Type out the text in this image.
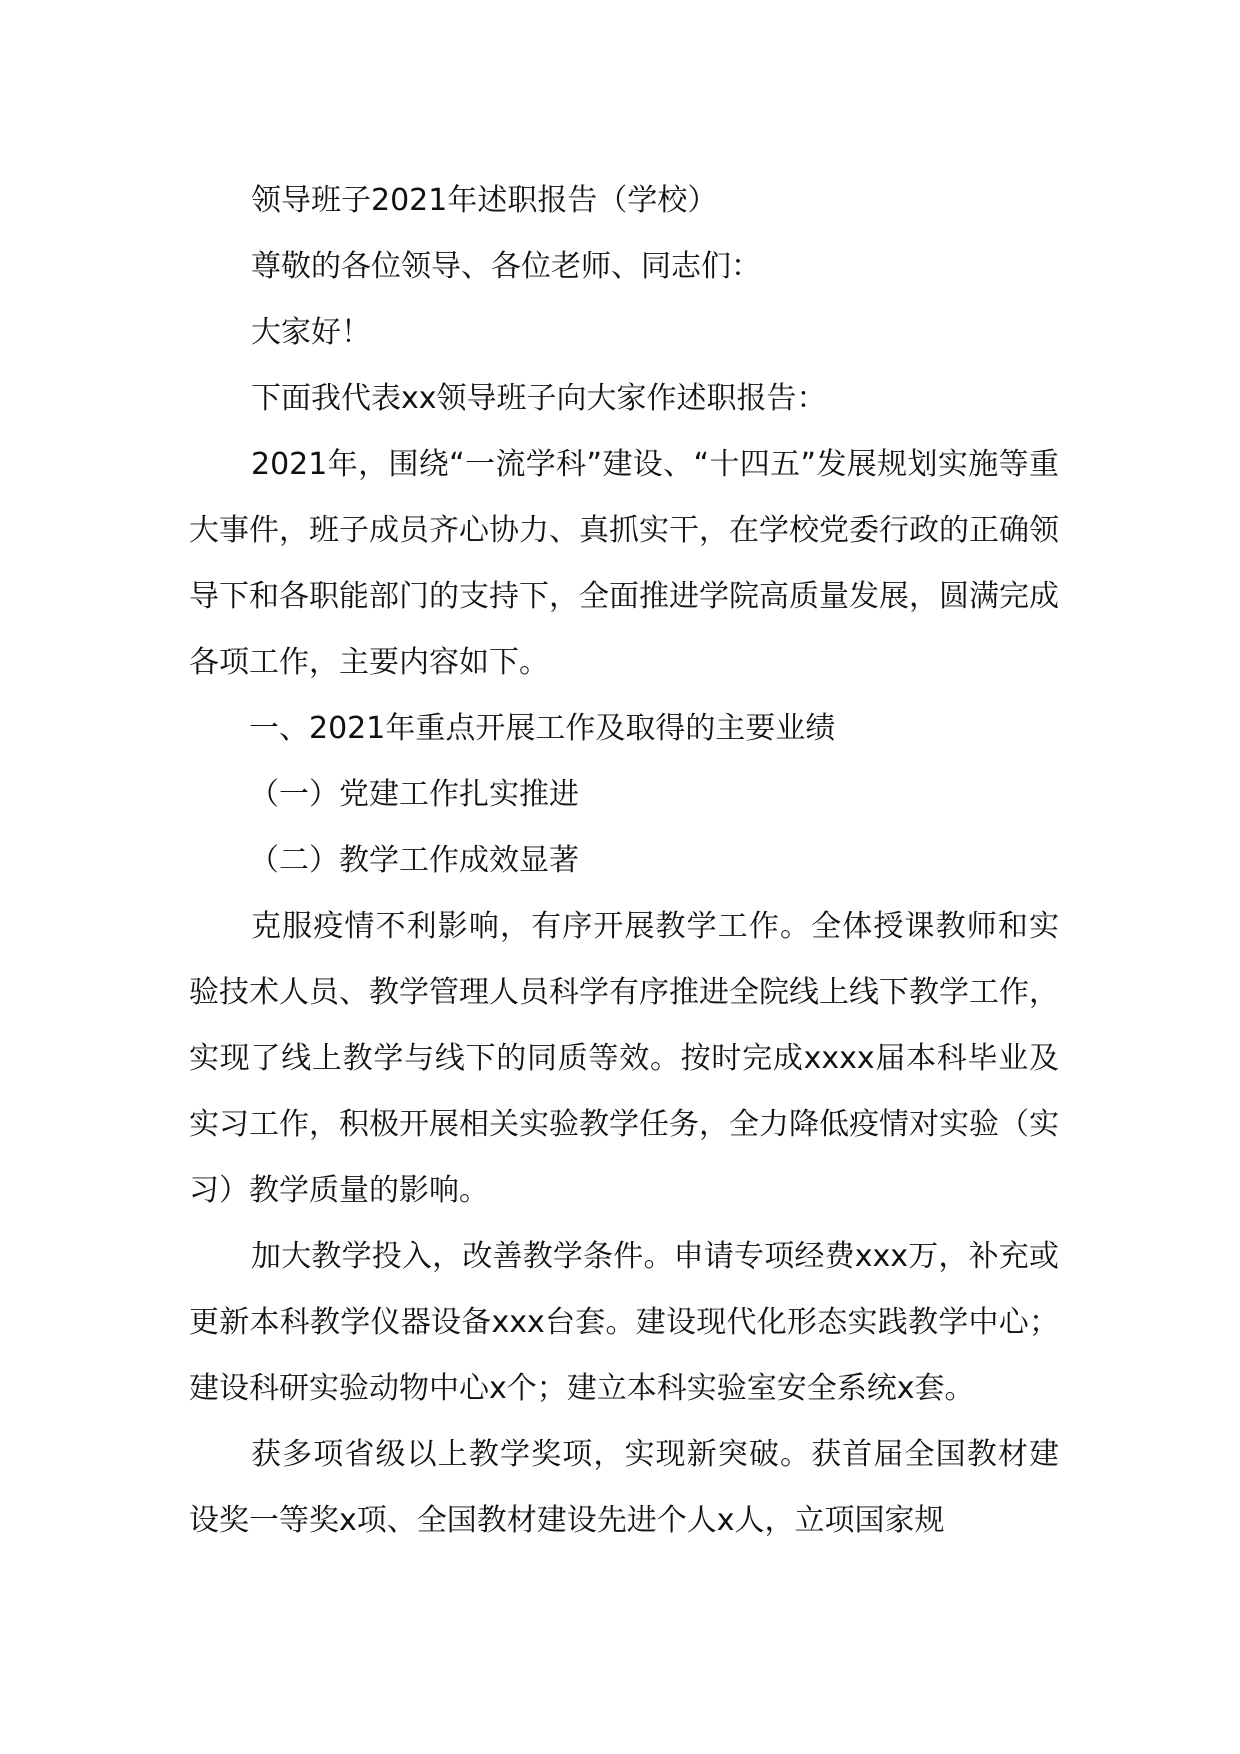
领导班子2021年述职报告（学校）

尊敬的各位领导、各位老师、同志们：

大家好！

下面我代表xx领导班子向大家作述职报告：

2021年，围绕“一流学科”建设、“十四五”发展规划实施等重大事件，班子成员齐心协力、真抓实干，在学校党委行政的正确领导下和各职能部门的支持下，全面推进学院高质量发展，圆满完成各项工作，主要内容如下。

一、2021年重点开展工作及取得的主要业绩

（一）党建工作扎实推进

（二）教学工作成效显著

克服疫情不利影响，有序开展教学工作。全体授课教师和实验技术人员、教学管理人员科学有序推进全院线上线下教学工作，实现了线上教学与线下的同质等效。按时完成xxxx届本科毕业及实习工作，积极开展相关实验教学任务，全力降低疫情对实验（实习）教学质量的影响。

加大教学投入，改善教学条件。申请专项经费xxx万，补充或更新本科教学仪器设备xxx台套。建设现代化形态实践教学中心；建设科研实验动物中心x个；建立本科实验室安全系统x套。

获多项省级以上教学奖项，实现新突破。获首届全国教材建设奖一等奖x项、全国教材建设先进个人x人，立项国家规
